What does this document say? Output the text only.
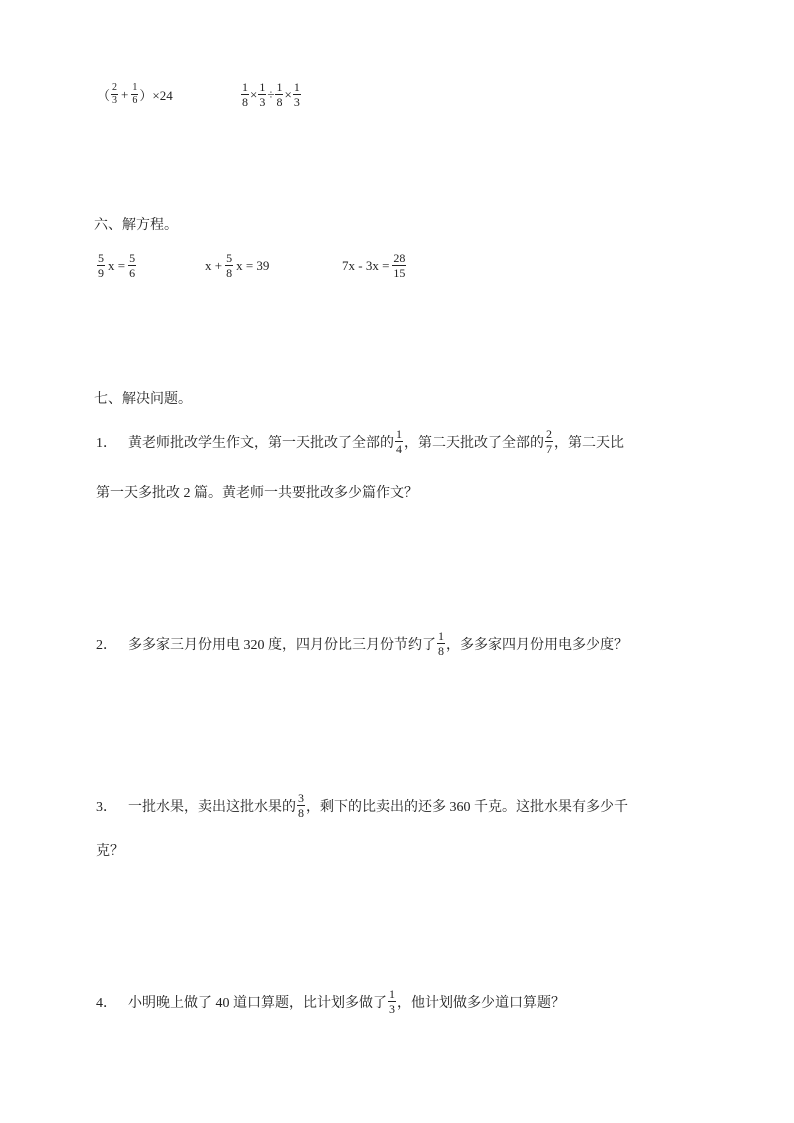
（ $\frac{2}{3} + \frac{1}{6} )\times 24$	$\frac{1}{8} \times \frac{1}{3} \div \frac{1}{8} \times \frac{1}{3}$
六、解方程。
$\frac{5}{9}$ $x = \frac{5}{6}$	$x + \frac{5}{8}$ x = 39	$7x - 3x = \frac{28}{15}$
七、解决问题。
1． 黄老师批改学生作文，第一天批改了全部的 $\frac{1}{4}$ ，第二天批改了全部的 $\frac{2}{7}$ ，第二天比
第一天多批改 2 篇。黄老师一共要批改多少篇作文？
2． 多多家三月份用电 320 度，四月份比三月份节约了 $\frac{1}{8}$ ，多多家四月份用电多少度？
3． 一批水果，卖出这批水果的 $\frac{3}{8}$ ，剩下的比卖出的还多 360 千克。这批水果有多少千
克？
4． 小明晚上做了 40 道口算题，比计划多做了 $\frac{1}{3}$ ，他计划做多少道口算题？
